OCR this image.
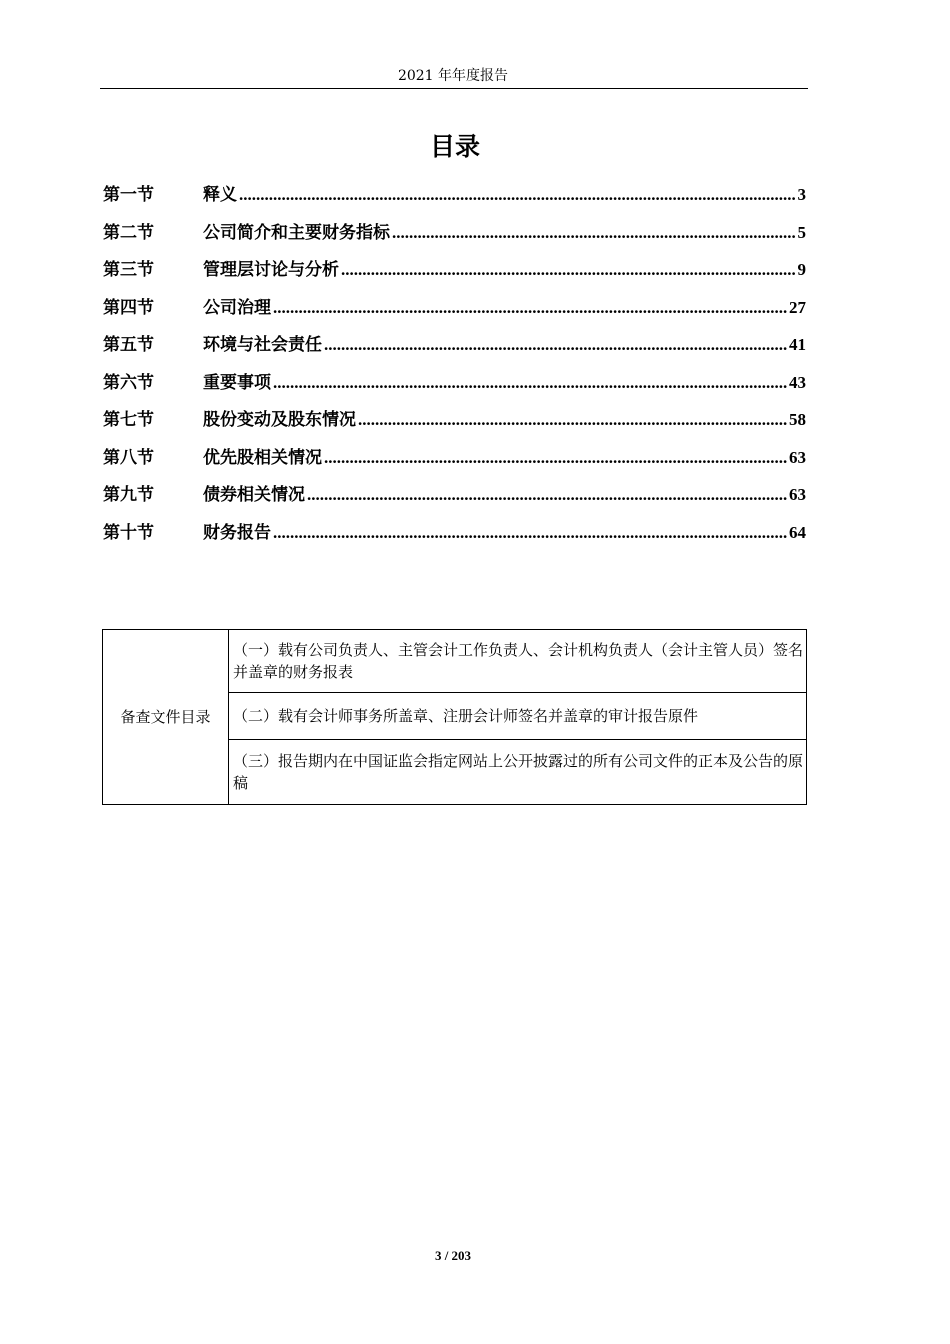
2021 年年度报告
目录
第一节	释义 .....	3
第二节	公司简介和主要财务指标 .....	5
第三节	管理层讨论与分析 .....	9
第四节	公司治理 .....	27
第五节	环境与社会责任 .....	41
第六节	重要事项 .....	43
第七节	股份变动及股东情况 .....	58
第八节	优先股相关情况 .....	63
第九节	债券相关情况 .....	63
第十节	财务报告 .....	64
备查文件目录	（一）载有公司负责人、主管会计工作负责人、会计机构负责人（会计主管人员）签名并盖章的财务报表
（二）载有会计师事务所盖章、注册会计师签名并盖章的审计报告原件
（三）报告期内在中国证监会指定网站上公开披露过的所有公司文件的正本及公告的原稿
3 / 203
